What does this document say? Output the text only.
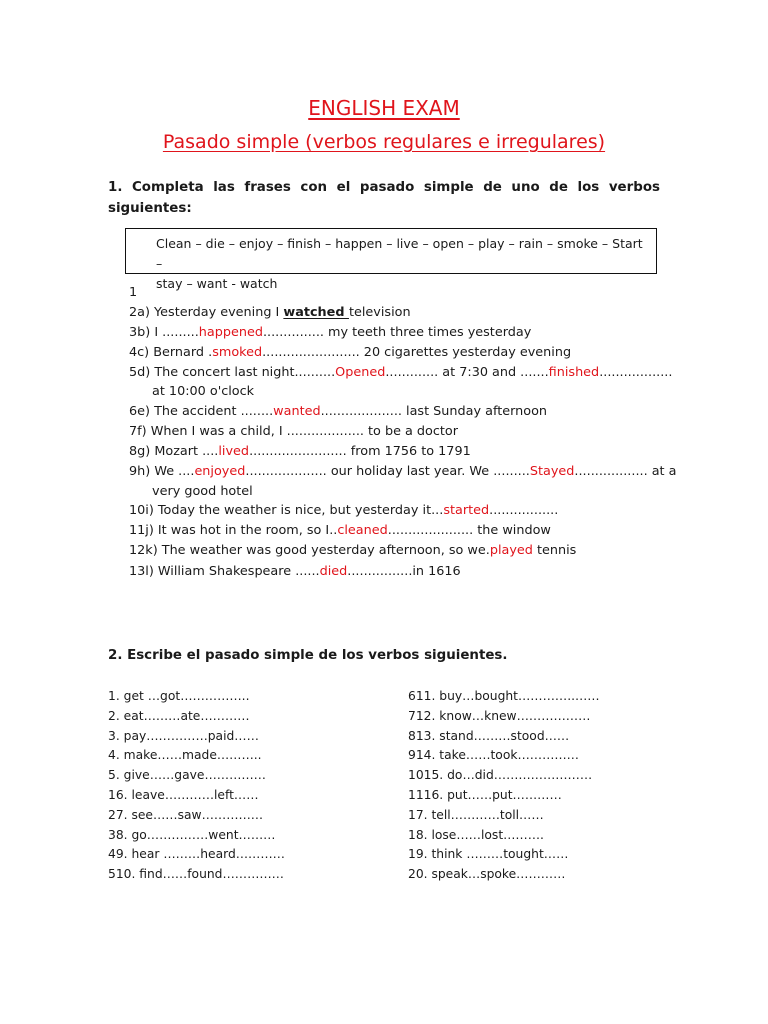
ENGLISH EXAM
Pasado simple (verbos regulares e irregulares)
1. Completa las frases con el pasado simple de uno de los verbos siguientes:
Clean – die – enjoy – finish – happen – live – open – play – rain – smoke – Start –
stay – want - watch
1
2a) Yesterday evening I watched television
3b) I .........happened............... my teeth three times yesterday
4c) Bernard .smoked........................ 20 cigarettes yesterday evening
5d) The concert last night..........Opened............. at 7:30 and .......finished..................
at 10:00 o'clock
6e) The accident ........wanted.................... last Sunday afternoon
7f) When I was a child, I ................... to be a doctor
8g) Mozart ....lived........................ from 1756 to 1791
9h) We ....enjoyed.................... our holiday last year. We .........Stayed.................. at a
very good hotel
10i) Today the weather is nice, but yesterday it...started.................
11j) It was hot in the room, so I..cleaned..................... the window
12k) The weather was good yesterday afternoon, so we.played tennis
13l) William Shakespeare ......died................in 1616
2. Escribe el pasado simple de los verbos siguientes.
1. get …got……………..
2. eat………ate…………
3. pay……………paid……
4. make……made………..
5. give……gave……………
16. leave…………left……
27. see……saw……………
38. go……………went………
49. hear ………heard…………
510. find……found……………
611. buy…bought…………..……
712. know…knew………………
813. stand………stood……
914. take……took……………
1015. do…did……………………
1116. put……put…………
17. tell…………toll……
18. lose……lost……….
19. think ………tought……
20. speak…spoke…………
